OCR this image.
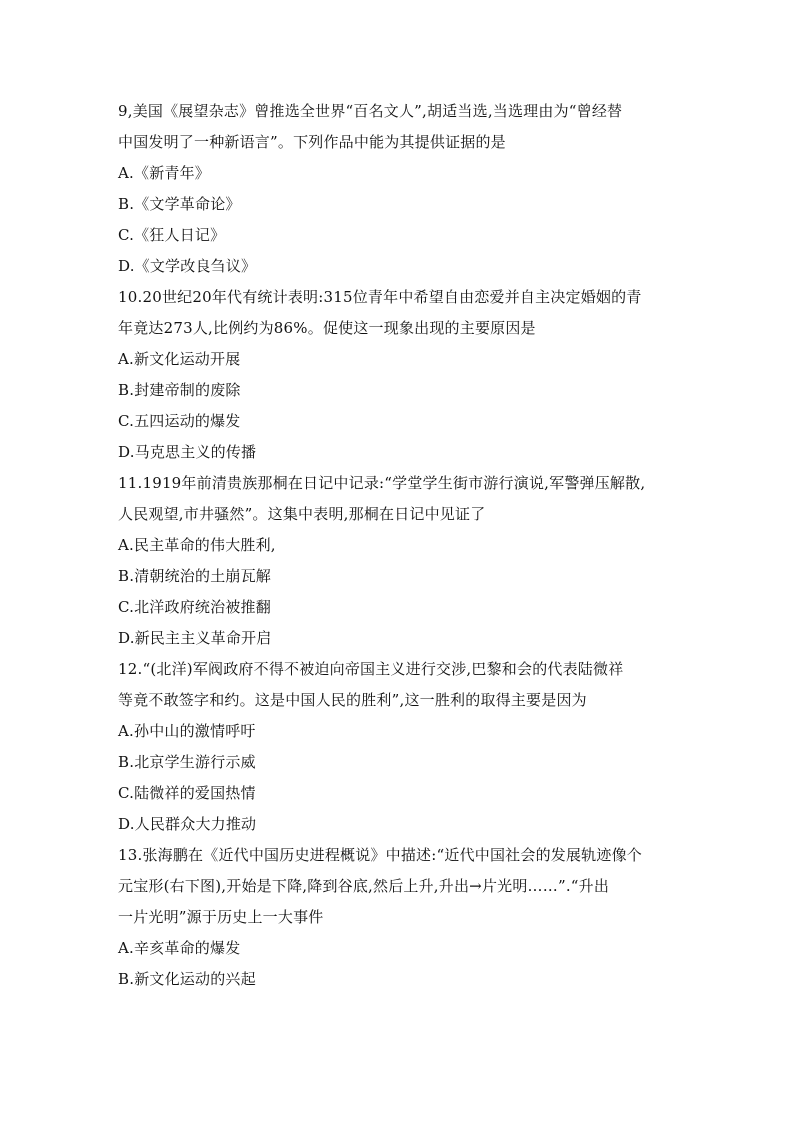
9,美国《展望杂志》曾推选全世界“百名文人”,胡适当选,当选理由为“曾经替
中国发明了一种新语言”。下列作品中能为其提供证据的是
A.《新青年》
B.《文学革命论》
C.《狂人日记》
D.《文学改良刍议》
10.20世纪20年代有统计表明:315位青年中希望自由恋爱并自主决定婚姻的青
年竟达273人,比例约为86%。促使这一现象出现的主要原因是
A.新文化运动开展
B.封建帝制的废除
C.五四运动的爆发
D.马克思主义的传播
11.1919年前清贵族那桐在日记中记录:“学堂学生街市游行演说,军警弹压解散,
人民观望,市井骚然”。这集中表明,那桐在日记中见证了
A.民主革命的伟大胜利,
B.清朝统治的土崩瓦解
C.北洋政府统治被推翻
D.新民主主义革命开启
12.“(北洋)军阀政府不得不被迫向帝国主义进行交涉,巴黎和会的代表陆微祥
等竟不敢签字和约。这是中国人民的胜利”,这一胜利的取得主要是因为
A.孙中山的激情呼吁
B.北京学生游行示威
C.陆微祥的爱国热情
D.人民群众大力推动
13.张海鹏在《近代中国历史进程概说》中描述:“近代中国社会的发展轨迹像个
元宝形(右下图),开始是下降,降到谷底,然后上升,升出→片光明……”.“升出
一片光明”源于历史上一大事件
A.辛亥革命的爆发
B.新文化运动的兴起
